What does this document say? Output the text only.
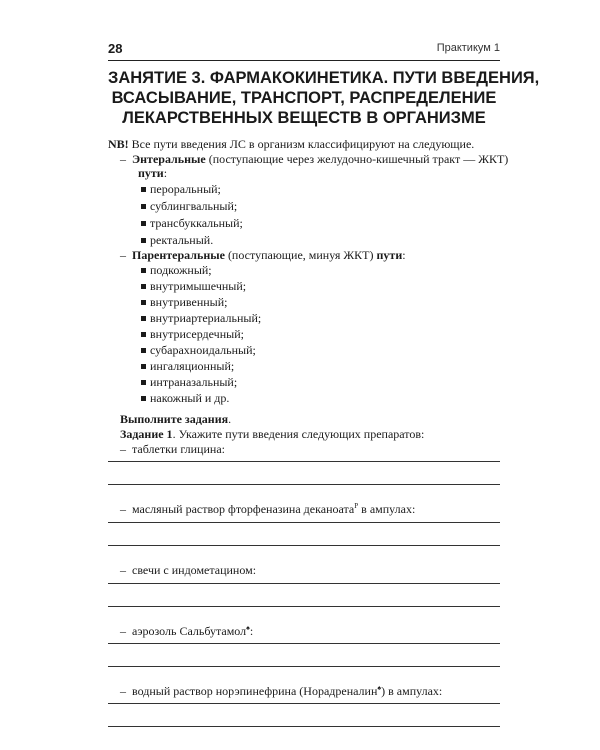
28	Практикум 1
ЗАНЯТИЕ 3. ФАРМАКОКИНЕТИКА. ПУТИ ВВЕДЕНИЯ,
ВСАСЫВАНИЕ, ТРАНСПОРТ, РАСПРЕДЕЛЕНИЕ
ЛЕКАРСТВЕННЫХ ВЕЩЕСТВ В ОРГАНИЗМЕ
NB! Все пути введения ЛС в организм классифицируют на следующие.
– Энтеральные (поступающие через желудочно-кишечный тракт — ЖКТ)
пути:
пероральный;
сублингвальный;
трансбуккальный;
ректальный.
– Парентеральные (поступающие, минуя ЖКТ) пути:
подкожный;
внутримышечный;
внутривенный;
внутриартериальный;
внутрисердечный;
субарахноидальный;
ингаляционный;
интраназальный;
накожный и др.
Выполните задания.
Задание 1. Укажите пути введения следующих препаратов:
– таблетки глицина:
– масляный раствор фторфеназина деканоата$^Р$ в ампулах:
– свечи с индометацином:
– аэрозоль Сальбутамол♠:
– водный раствор норэпинефрина (Норадреналин♠) в ампулах:
